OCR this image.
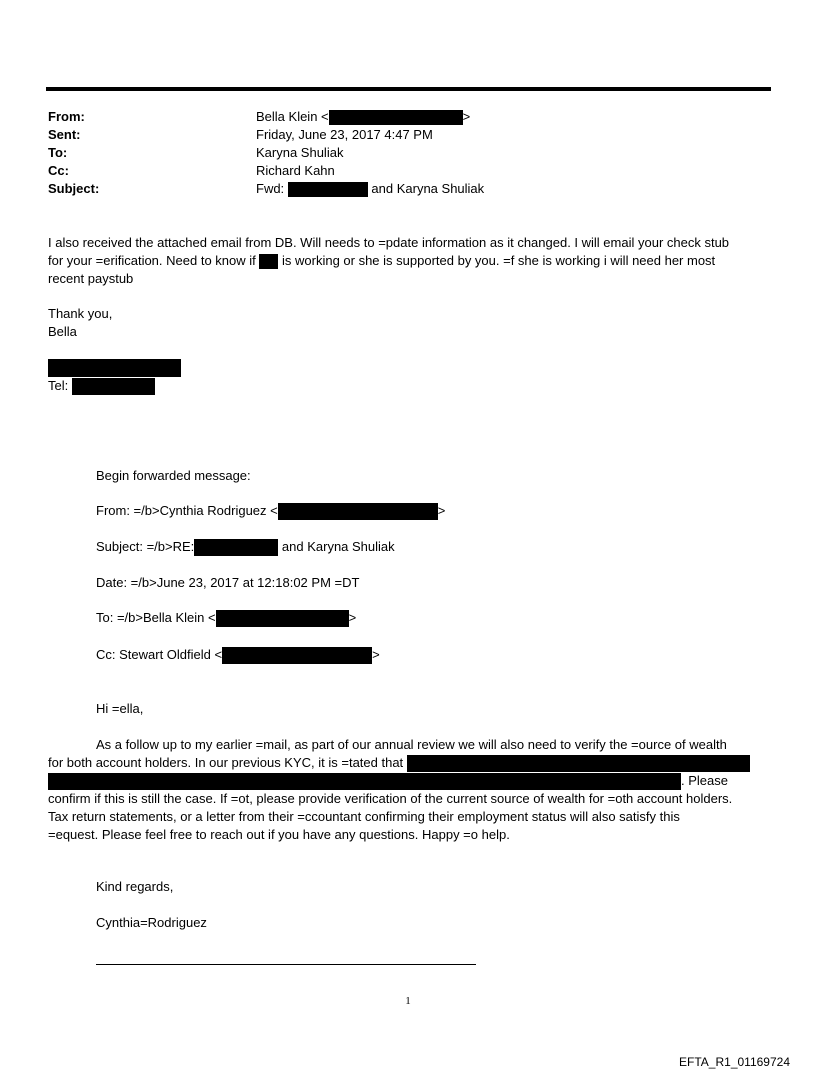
From:	Bella Klein <	>
Sent:	Friday, June 23, 2017 4:47 PM
To:	Karyna Shuliak
Cc:	Richard Kahn
Subject:	Fwd:	and Karyna Shuliak
I also received the attached email from DB. Will needs to =pdate information as it changed. I will email your check stub
for your =erification. Need to know if is working or she is supported by you. =f she is working i will need her most
recent paystub
Thank you,
Bella
Tel:
Begin forwarded message:
From: =/b>Cynthia Rodriguez <	>
Subject: =/b>RE:	and Karyna Shuliak
Date: =/b>June 23, 2017 at 12:18:02 PM =DT
To: =/b>Bella Klein <	>
Cc: Stewart Oldfield <	>
Hi =ella,
As a follow up to my earlier =mail, as part of our annual review we will also need to verify the =ource of wealth
for both account holders. In our previous KYC, it is =tated that
. Please
confirm if this is still the case. If =ot, please provide verification of the current source of wealth for =oth account holders.
Tax return statements, or a letter from their =ccountant confirming their employment status will also satisfy this
=equest. Please feel free to reach out if you have any questions. Happy =o help.
Kind regards,
Cynthia=Rodriguez
1
EFTA_R1_01169724
